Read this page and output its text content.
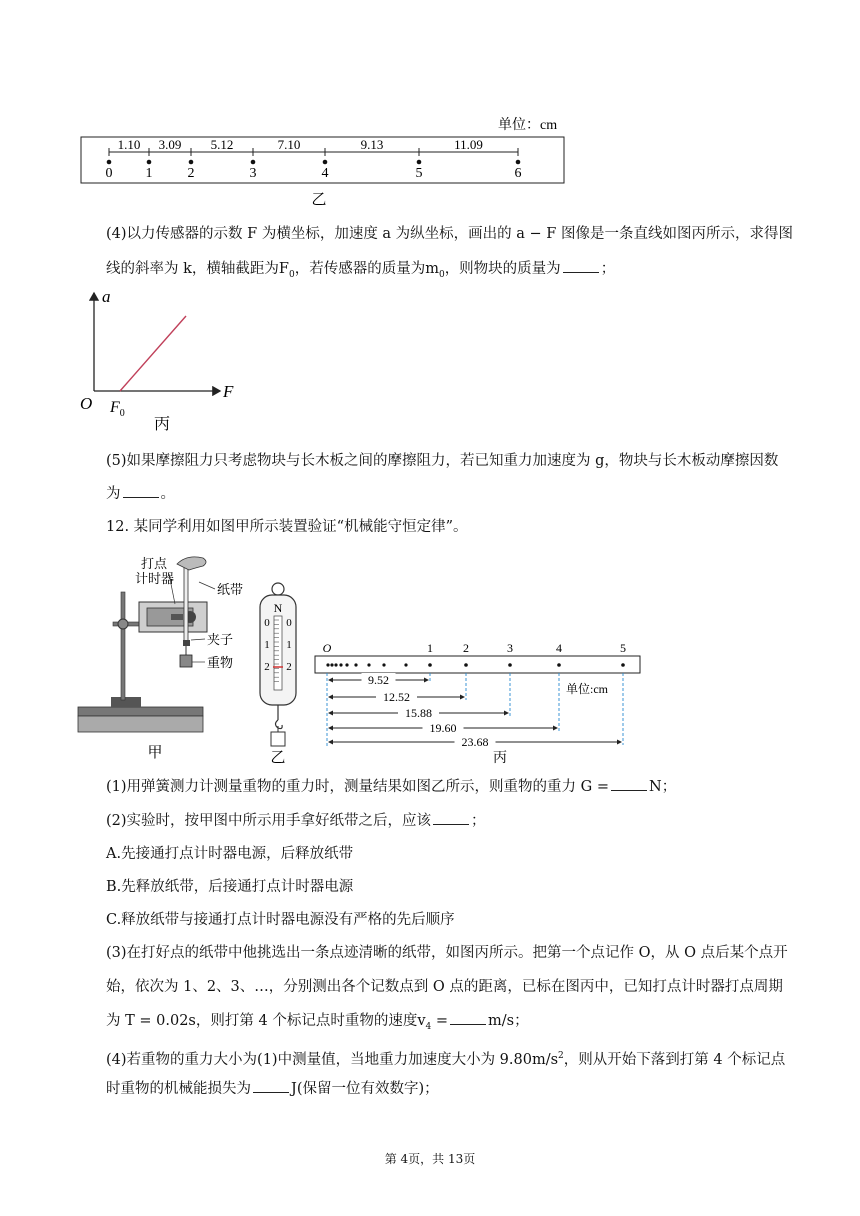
单位：cm
0 1	2	3	4	5	6
1.10 3.09 5.12	7.10	9.13	11.09
乙
(4)以力传感器的示数 F 为横坐标，加速度 a 为纵坐标，画出的 a − F 图像是一条直线如图丙所示，求得图
线的斜率为 k，横轴截距为$F_0$，若传感器的质量为$m_0$，则物块的质量为	；
a
F
O $F_0$
丙
(5)如果摩擦阻力只考虑物块与长木板之间的摩擦阻力，若已知重力加速度为 g，物块与长木板动摩擦因数
为	。
12. 某同学利用如图甲所示装置验证“机械能守恒定律”。
打点
计时器
纸带
夹子
重物
甲
N
0 0
1 1
2 2
乙
O	1
9.52
2
12.52
3
15.88
4
19.60
5
23.68
单位:cm
丙
(1)用弹簧测力计测量重物的重力时，测量结果如图乙所示，则重物的重力 G =	N；
(2)实验时，按甲图中所示用手拿好纸带之后，应该	；
A.先接通打点计时器电源，后释放纸带
B.先释放纸带，后接通打点计时器电源
C.释放纸带与接通打点计时器电源没有严格的先后顺序
(3)在打好点的纸带中他挑选出一条点迹清晰的纸带，如图丙所示。把第一个点记作 O，从 O 点后某个点开
始，依次为 1、2、3、…，分别测出各个记数点到 O 点的距离，已标在图丙中，已知打点计时器打点周期
为 T = 0.02s，则打第 4 个标记点时重物的速度$v_4$ =	m/s；
(4)若重物的重力大小为(1)中测量值，当地重力加速度大小为 $9.80m/s^2$，则从开始下落到打第 4 个标记点
时重物的机械能损失为	J(保留一位有效数字)；
第 4页，共 13页
